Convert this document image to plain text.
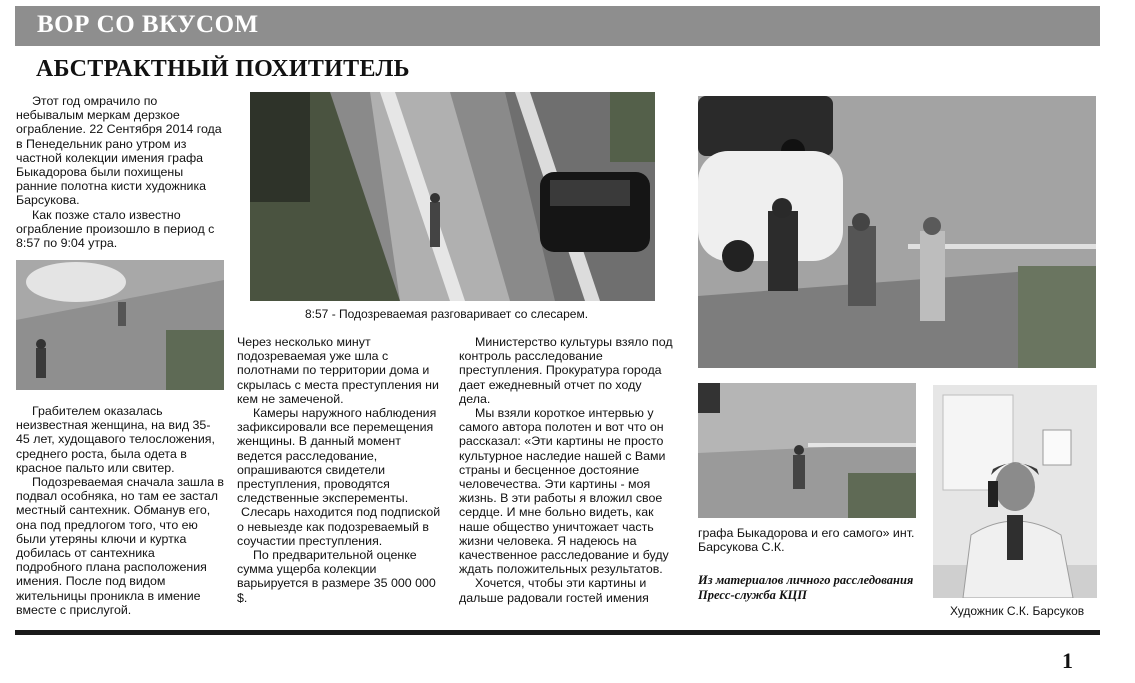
ВОР СО ВКУСОМ
АБСТРАКТНЫЙ ПОХИТИТЕЛЬ

Этот год омрачило по небывалым меркам дерзкое ограбление. 22 Сентября 2014 года в Пенедельник рано утром из частной колекции имения графа Быкадорова были похищены ранние полотна кисти художника Барсукова.

Как позже стало известно ограбление произошло в период с 8:57 по 9:04 утра.

Грабителем оказалась неизвестная женщина, на вид 35-45 лет, худощавого телосложения, среднего роста, была одета в красное пальто или свитер.

Подозреваемая сначала зашла в подвал особняка, но там ее застал местный сантехник. Обманув его, она под предлогом того, что ею были утеряны ключи и куртка добилась от сантехника подробного плана расположения имения. После под видом жительницы проникла в имение вместе с прислугой.

8:57 - Подозреваемая разговаривает со слесарем.

Через несколько минут подозреваемая уже шла с полотнами по территории дома и скрылась с места преступления ни кем не замеченой.

Камеры наружного наблюдения зафиксировали все перемещения женщины. В данный момент ведется расследование, опрашиваются свидетели преступления, проводятся следственные эксперементы.

Слесарь находится под подпиской о невыезде как подозреваемый в соучастии преступления.

По предварительной оценке сумма ущерба колекции варьируется в размере 35 000 000 $.

Министерство культуры взяло под контроль расследование преступления. Прокуратура города дает ежедневный отчет по ходу дела.

Мы взяли короткое интервью у самого автора полотен и вот что он рассказал: «Эти картины не просто культурное наследие нашей с Вами страны и бесценное достояние человечества. Эти картины - моя жизнь. В эти работы я вложил свое сердце. И мне больно видеть, как наше общество уничтожает часть жизни человека. Я надеюсь на качественное расследование и буду ждать положительных результатов.

Хочется, чтобы эти картины и дальше радовали гостей имения

графа Быкадорова и его самого» инт. Барсукова С.К.
Из материалов личного расследования
Пресс-служба КЦП
Художник С.К. Барсуков
1
